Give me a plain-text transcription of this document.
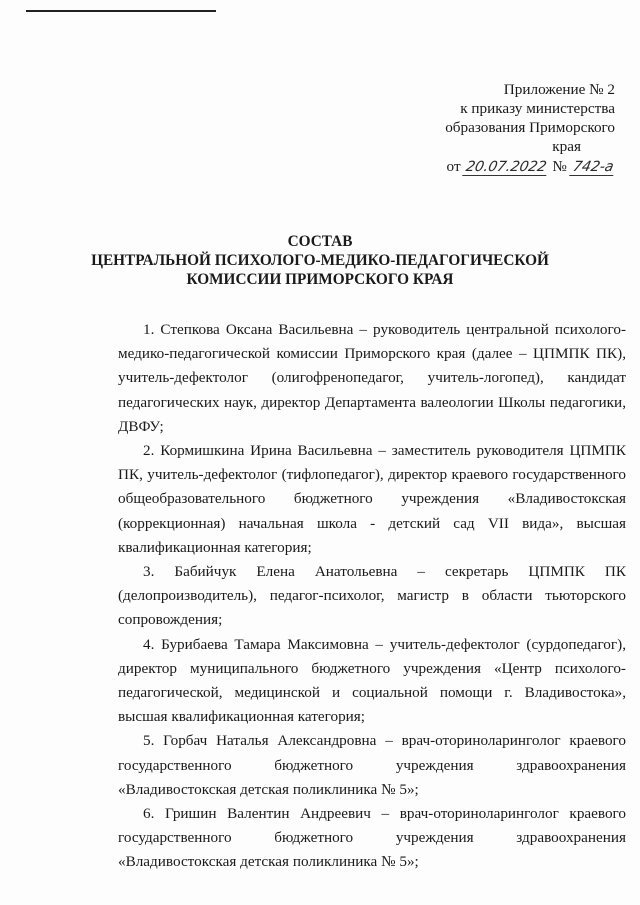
Приложение № 2
к приказу министерства
образования Приморского
края
от 20.07.2022 № 742-а
СОСТАВ
ЦЕНТРАЛЬНОЙ ПСИХОЛОГО-МЕДИКО-ПЕДАГОГИЧЕСКОЙ
КОМИССИИ ПРИМОРСКОГО КРАЯ

1. Степкова Оксана Васильевна – руководитель центральной психолого-медико-педагогической комиссии Приморского края (далее – ЦПМПК ПК), учитель-дефектолог (олигофренопедагог, учитель-логопед), кандидат педагогических наук, директор Департамента валеологии Школы педагогики, ДВФУ;

2. Кормишкина Ирина Васильевна – заместитель руководителя ЦПМПК ПК, учитель-дефектолог (тифлопедагог), директор краевого государственного общеобразовательного бюджетного учреждения «Владивостокская (коррекционная) начальная школа - детский сад VII вида», высшая квалификационная категория;

3. Бабийчук Елена Анатольевна – секретарь ЦПМПК ПК (делопроизводитель), педагог-психолог, магистр в области тьюторского сопровождения;

4. Бурибаева Тамара Максимовна – учитель-дефектолог (сурдопедагог), директор муниципального бюджетного учреждения «Центр психолого-педагогической, медицинской и социальной помощи г. Владивостока», высшая квалификационная категория;

5. Горбач Наталья Александровна – врач-оториноларинголог краевого государственного бюджетного учреждения здравоохранения «Владивостокская детская поликлиника № 5»;

6. Гришин Валентин Андреевич – врач-оториноларинголог краевого государственного бюджетного учреждения здравоохранения «Владивостокская детская поликлиника № 5»;
